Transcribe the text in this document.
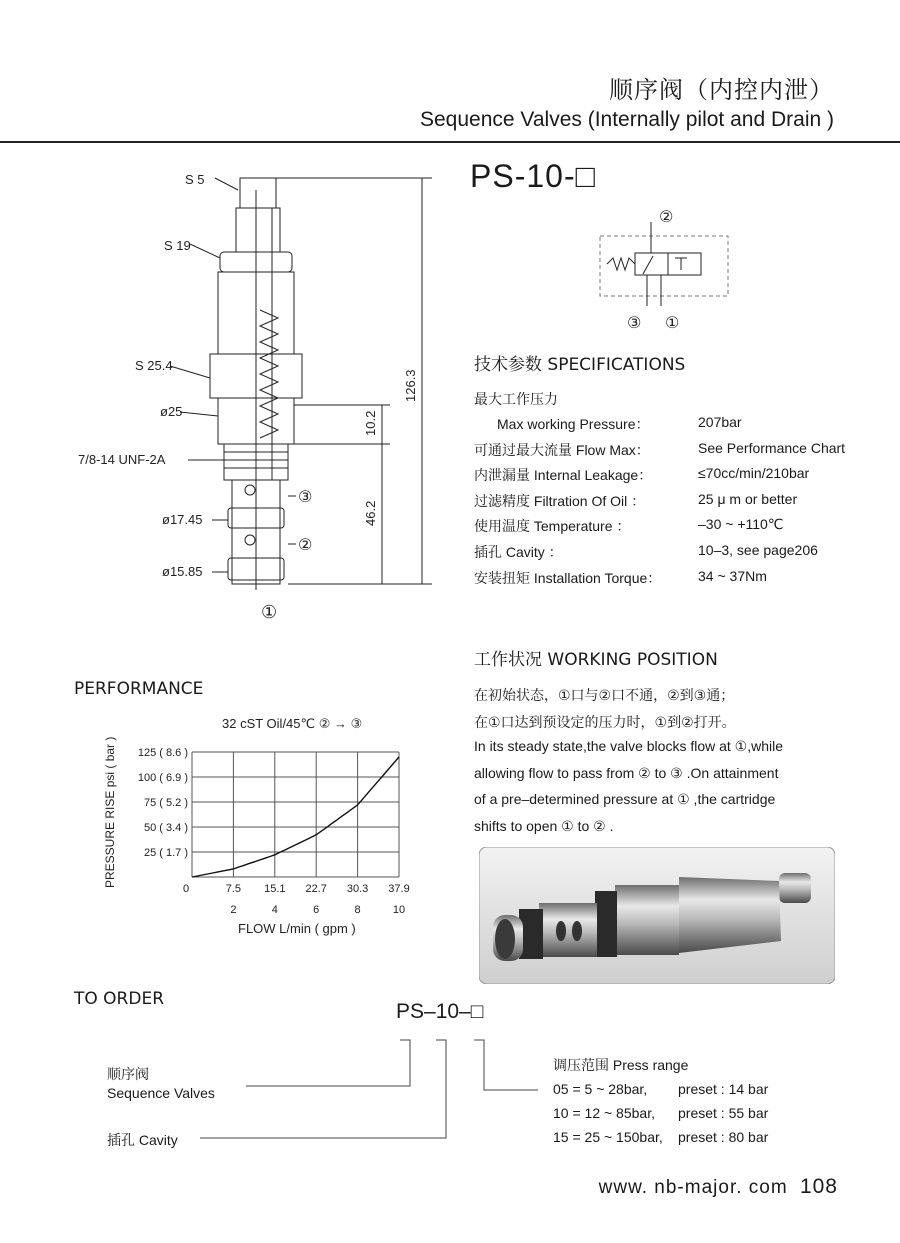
顺序阀（内控内泄）
Sequence Valves (Internally pilot and Drain )
PS-10-□
S 5
S 19
S 25.4
ø25
7/8-14 UNF-2A
ø17.45
ø15.85
③
②
①
126.3
10.2
46.2
②
③ ①
技术参数 SPECIFICATIONS
最大工作压力
Max working Pressure：	207bar
可通过最大流量 Flow Max：	See Performance Chart
内泄漏量 Internal Leakage：	≤70cc/min/210bar
过滤精度 Filtration Of Oil ：	25 μ m or better
使用温度 Temperature ：	–30 ~ +110℃
插孔 Cavity ：	10–3, see page206
安装扭矩 Installation Torque：	34 ~ 37Nm
工作状况 WORKING POSITION
在初始状态，①口与②口不通，②到③通；
在①口达到预设定的压力时，①到②打开。
In its steady state,the valve blocks flow at ①,while
allowing flow to pass from ② to ③ .On attainment
of a pre–determined pressure at ① ,the cartridge
shifts to open ① to ② .
PERFORMANCE
32 cST Oil/45℃ ② → ③
25 ( 1.7 )
50 ( 3.4 )
75 ( 5.2 )
100 ( 6.9 )
125 ( 8.6 )
0	7.5 15.1 22.7 30.3 37.9
2	4	6	8	10
PRESSURE RISE psi ( bar )
FLOW L/min ( gpm )
TO ORDER
PS–10–□
顺序阀
Sequence Valves
插孔 Cavity
调压范围 Press range
05 = 5 ~ 28bar, preset : 14 bar
10 = 12 ~ 85bar, preset : 55 bar
15 = 25 ~ 150bar, preset : 80 bar
www. nb-major. com 108
